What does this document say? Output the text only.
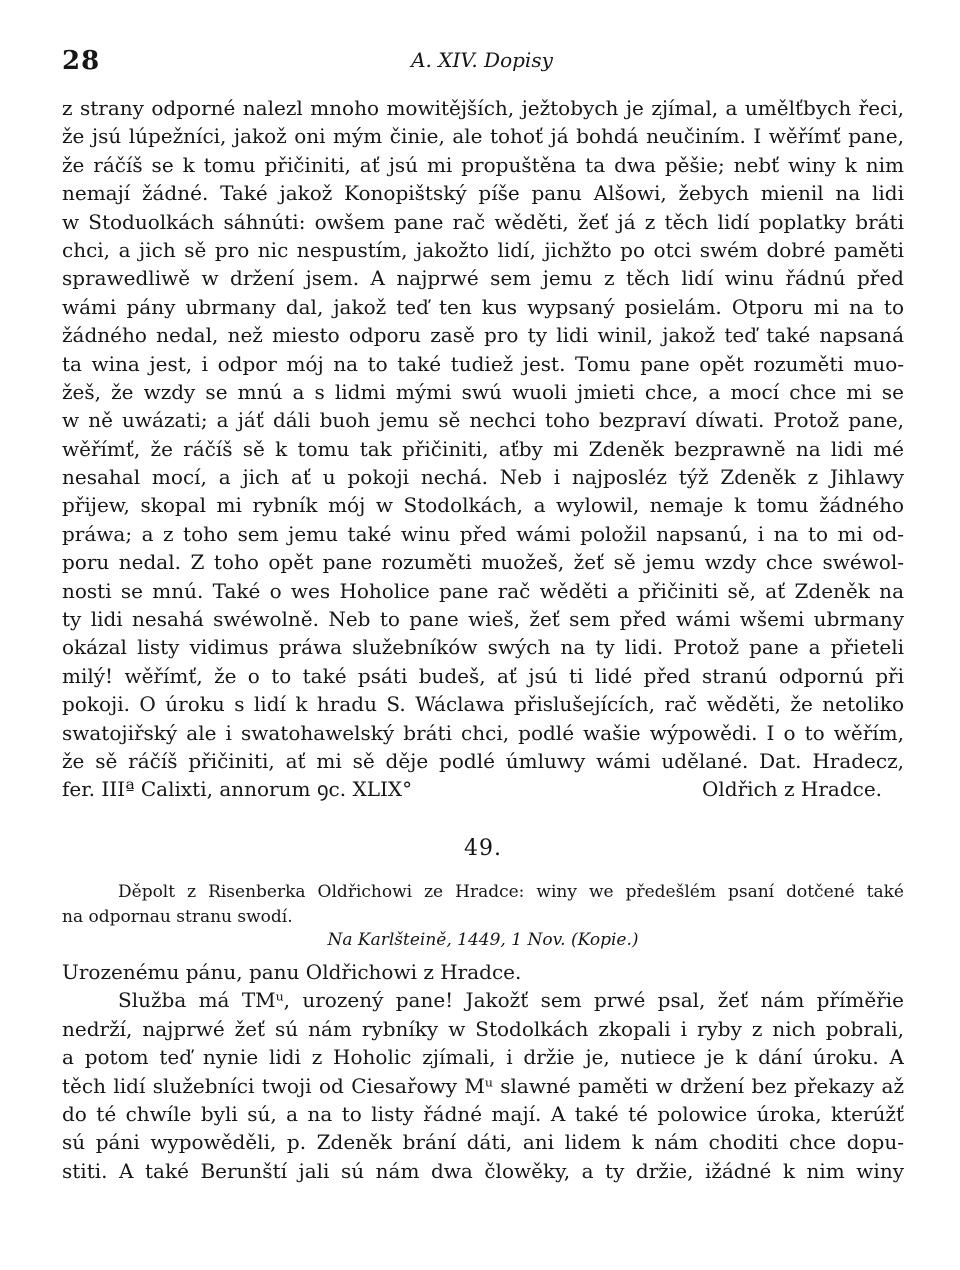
A. XIV. Dopisy
28
z strany odporné nalezl mnoho mowitějších, ježtobych je zjímal, a umělťbych řeci,
že jsú lúpežníci, jakož oni mým činie, ale tohoť já bohdá neučiním. I wěřímť pane,
že ráčíš se k tomu přičiniti, ať jsú mi propuštěna ta dwa pěšie; nebť winy k nim
nemají žádné. Také jakož Konopištský píše panu Alšowi, žebych mienil na lidi
w Stoduolkách sáhnúti: owšem pane rač wěděti, žeť já z těch lidí poplatky bráti
chci, a jich sě pro nic nespustím, jakožto lidí, jichžto po otci swém dobré paměti
sprawedliwě w držení jsem. A najprwé sem jemu z těch lidí winu řádnú před
wámi pány ubrmany dal, jakož teď ten kus wypsaný posielám. Otporu mi na to
žádného nedal, než miesto odporu zasě pro ty lidi winil, jakož teď také napsaná
ta wina jest, i odpor mój na to také tudiež jest. Tomu pane opět rozuměti muo-
žeš, že wzdy se mnú a s lidmi mými swú wuoli jmieti chce, a mocí chce mi se
w ně uwázati; a jáť dáli buoh jemu sě nechci toho bezpraví díwati. Protož pane,
wěřímť, že ráčíš sě k tomu tak přičiniti, aťby mi Zdeněk bezprawně na lidi mé
nesahal mocí, a jich ať u pokoji nechá. Neb i najposléz týž Zdeněk z Jihlawy
přijew, skopal mi rybník mój w Stodolkách, a wylowil, nemaje k tomu žádného
práwa; a z toho sem jemu také winu před wámi položil napsanú, i na to mi od-
poru nedal. Z toho opět pane rozuměti muožeš, žeť sě jemu wzdy chce swéwol-
nosti se mnú. Také o wes Hoholice pane rač wěděti a přičiniti sě, ať Zdeněk na
ty lidi nesahá swéwolně. Neb to pane wieš, žeť sem před wámi wšemi ubrmany
okázal listy vidimus práwa služebníków swých na ty lidi. Protož pane a přieteli
milý! wěřímť, že o to také psáti budeš, ať jsú ti lidé před stranú odpornú při
pokoji. O úroku s lidí k hradu S. Wáclawa přislušejících, rač wěděti, že netoliko
swatojiřský ale i swatohawelský bráti chci, podlé wašie wýpowědi. I o to wěřím,
že sě ráčíš přičiniti, ať mi sě děje podlé úmluwy wámi udělané. Dat. Hradecz,
fer. IIIª Calixti, annorum ꝯc. XLIX°	Oldřich z Hradce.
49.
Děpolt z Risenberka Oldřichowi ze Hradce: winy we předešlém psaní dotčené také
na odpornau stranu swodí.
Na Karlšteině, 1449, 1 Nov. (Kopie.)
Urozenému pánu, panu Oldřichowi z Hradce.
Služba má TMᵘ, urozený pane! Jakožť sem prwé psal, žeť nám příměřie
nedrží, najprwé žeť sú nám rybníky w Stodolkách zkopali i ryby z nich pobrali,
a potom teď nynie lidi z Hoholic zjímali, i držie je, nutiece je k dání úroku. A
těch lidí služebníci twoji od Ciesařowy Mᵘ slawné paměti w držení bez překazy až
do té chwíle byli sú, a na to listy řádné mají. A také té polowice úroka, kterúžť
sú páni wypowěděli, p. Zdeněk brání dáti, ani lidem k nám choditi chce dopu-
stiti. A také Berunští jali sú nám dwa člowěky, a ty držie, ižádné k nim winy
